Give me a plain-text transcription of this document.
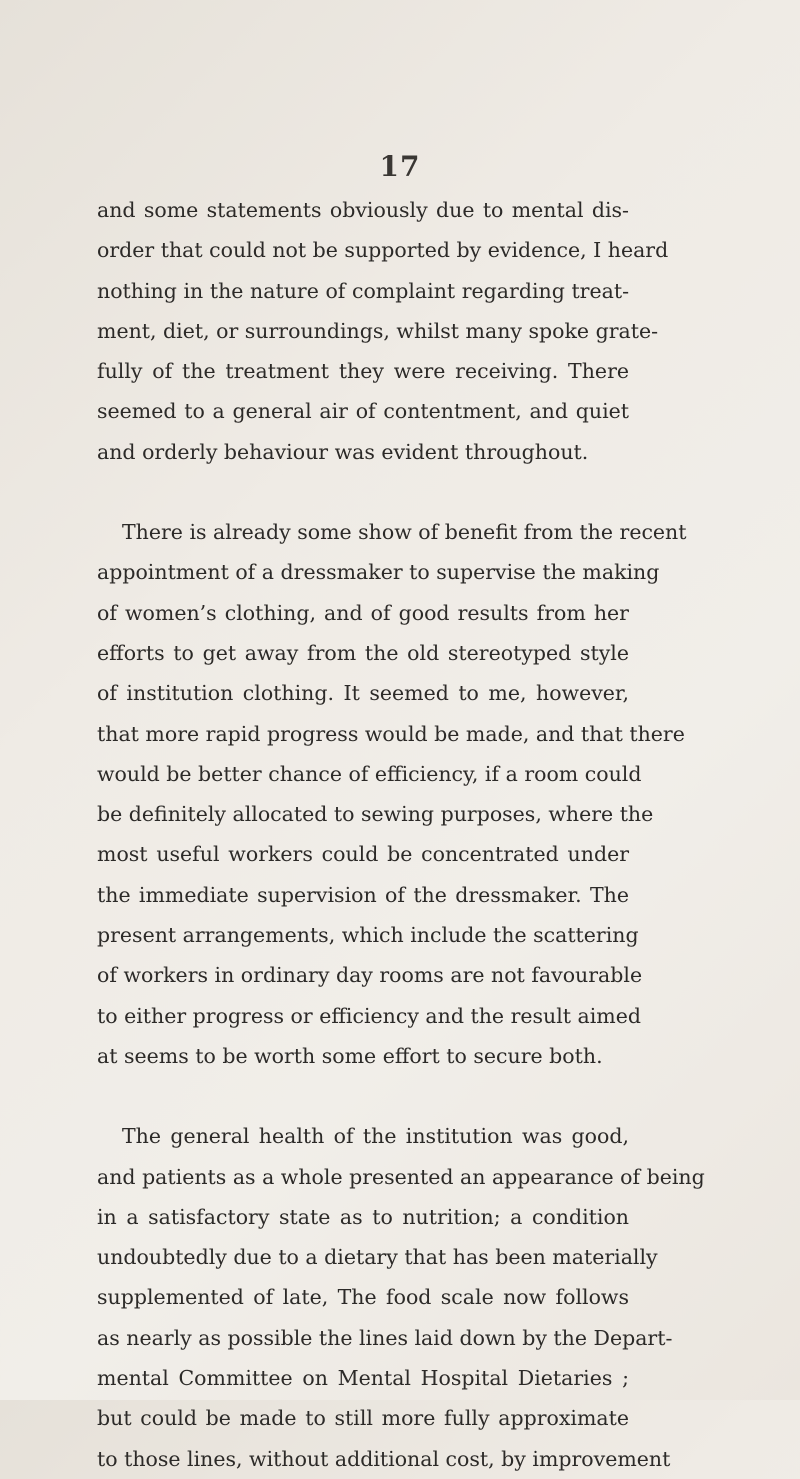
17
and some statements obviously due to mental dis-
order that could not be supported by evidence, I heard
nothing in the nature of complaint regarding treat-
ment, diet, or surroundings, whilst many spoke grate-
fully of the treatment they were receiving. There
seemed to a general air of contentment, and quiet
and orderly behaviour was evident throughout.
There is already some show of benefit from the recent
appointment of a dressmaker to supervise the making
of women’s clothing, and of good results from her
efforts to get away from the old stereotyped style
of institution clothing. It seemed to me, however,
that more rapid progress would be made, and that there
would be better chance of efficiency, if a room could
be definitely allocated to sewing purposes, where the
most useful workers could be concentrated under
the immediate supervision of the dressmaker. The
present arrangements, which include the scattering
of workers in ordinary day rooms are not favourable
to either progress or efficiency and the result aimed
at seems to be worth some effort to secure both.
The general health of the institution was good,
and patients as a whole presented an appearance of being
in a satisfactory state as to nutrition; a condition
undoubtedly due to a dietary that has been materially
supplemented of late, The food scale now follows
as nearly as possible the lines laid down by the Depart-
mental Committee on Mental Hospital Dietaries ;
but could be made to still more fully approximate
to those lines, without additional cost, by improvement
